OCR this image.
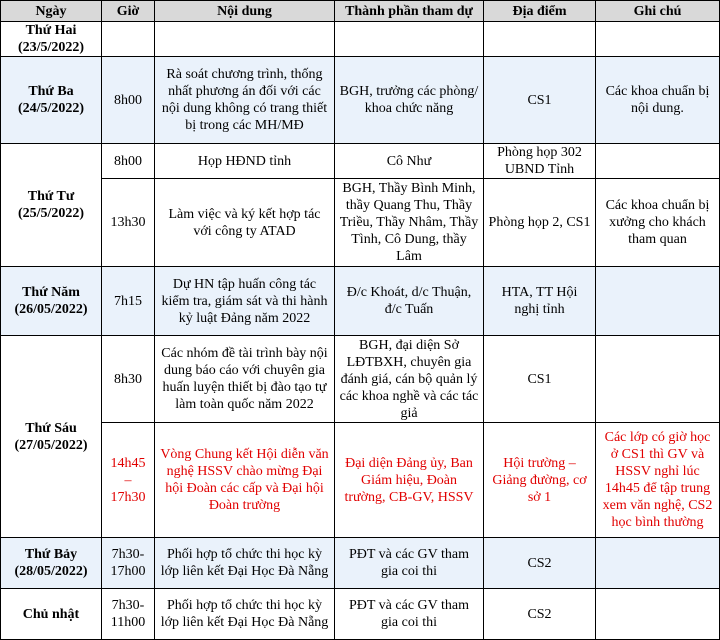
Ngày	Giờ	Nội dung	Thành phần tham dự	Địa điểm	Ghi chú

Thứ Hai
(23/5/2022)					

Thứ Ba
(24/5/2022)	8h00	Rà soát chương trình, thống nhất phương án đối với các nội dung không có trang thiết bị trong các MH/MĐ	BGH, trưởng các phòng/ khoa chức năng	CS1	Các khoa chuẩn bị nội dung.

Thứ Tư
(25/5/2022)	8h00	Họp HĐND tỉnh	Cô Như	Phòng họp 302 UBND Tỉnh	
	13h30	Làm việc và ký kết hợp tác với công ty ATAD	BGH, Thầy Bình Minh, thầy Quang Thu, Thầy Triều, Thầy Nhâm, Thầy Tình, Cô Dung, thầy Lâm	Phòng họp 2, CS1	Các khoa chuẩn bị xưởng cho khách tham quan

Thứ Năm
(26/05/2022)	7h15	Dự HN tập huấn công tác kiểm tra, giám sát và thi hành kỷ luật Đảng năm 2022	Đ/c Khoát, d/c Thuận, đ/c Tuấn	HTA, TT Hội nghị tỉnh	

Thứ Sáu
(27/05/2022)	8h30	Các nhóm đề tài trình bày nội dung báo cáo với chuyên gia huấn luyện thiết bị đào tạo tự làm toàn quốc năm 2022	BGH, đại diện Sở LĐTBXH, chuyên gia đánh giá, cán bộ quản lý các khoa nghề và các tác giả	CS1	
	14h45 – 17h30	Vòng Chung kết Hội diễn văn nghệ HSSV chào mừng Đại hội Đoàn các cấp và Đại hội Đoàn trường	Đại diện Đảng ủy, Ban Giám hiệu, Đoàn trường, CB-GV, HSSV	Hội trường – Giảng đường, cơ sở 1	Các lớp có giờ học ở CS1 thì GV và HSSV nghỉ lúc 14h45 để tập trung xem văn nghệ, CS2 học bình thường

Thứ Bảy
(28/05/2022)	7h30-17h00	Phối hợp tổ chức thi học kỳ lớp liên kết Đại Học Đà Nẵng	PĐT và các GV tham gia coi thi	CS2	

Chủ nhật	7h30-11h00	Phối hợp tổ chức thi học kỳ lớp liên kết Đại Học Đà Nẵng	PĐT và các GV tham gia coi thi	CS2	
